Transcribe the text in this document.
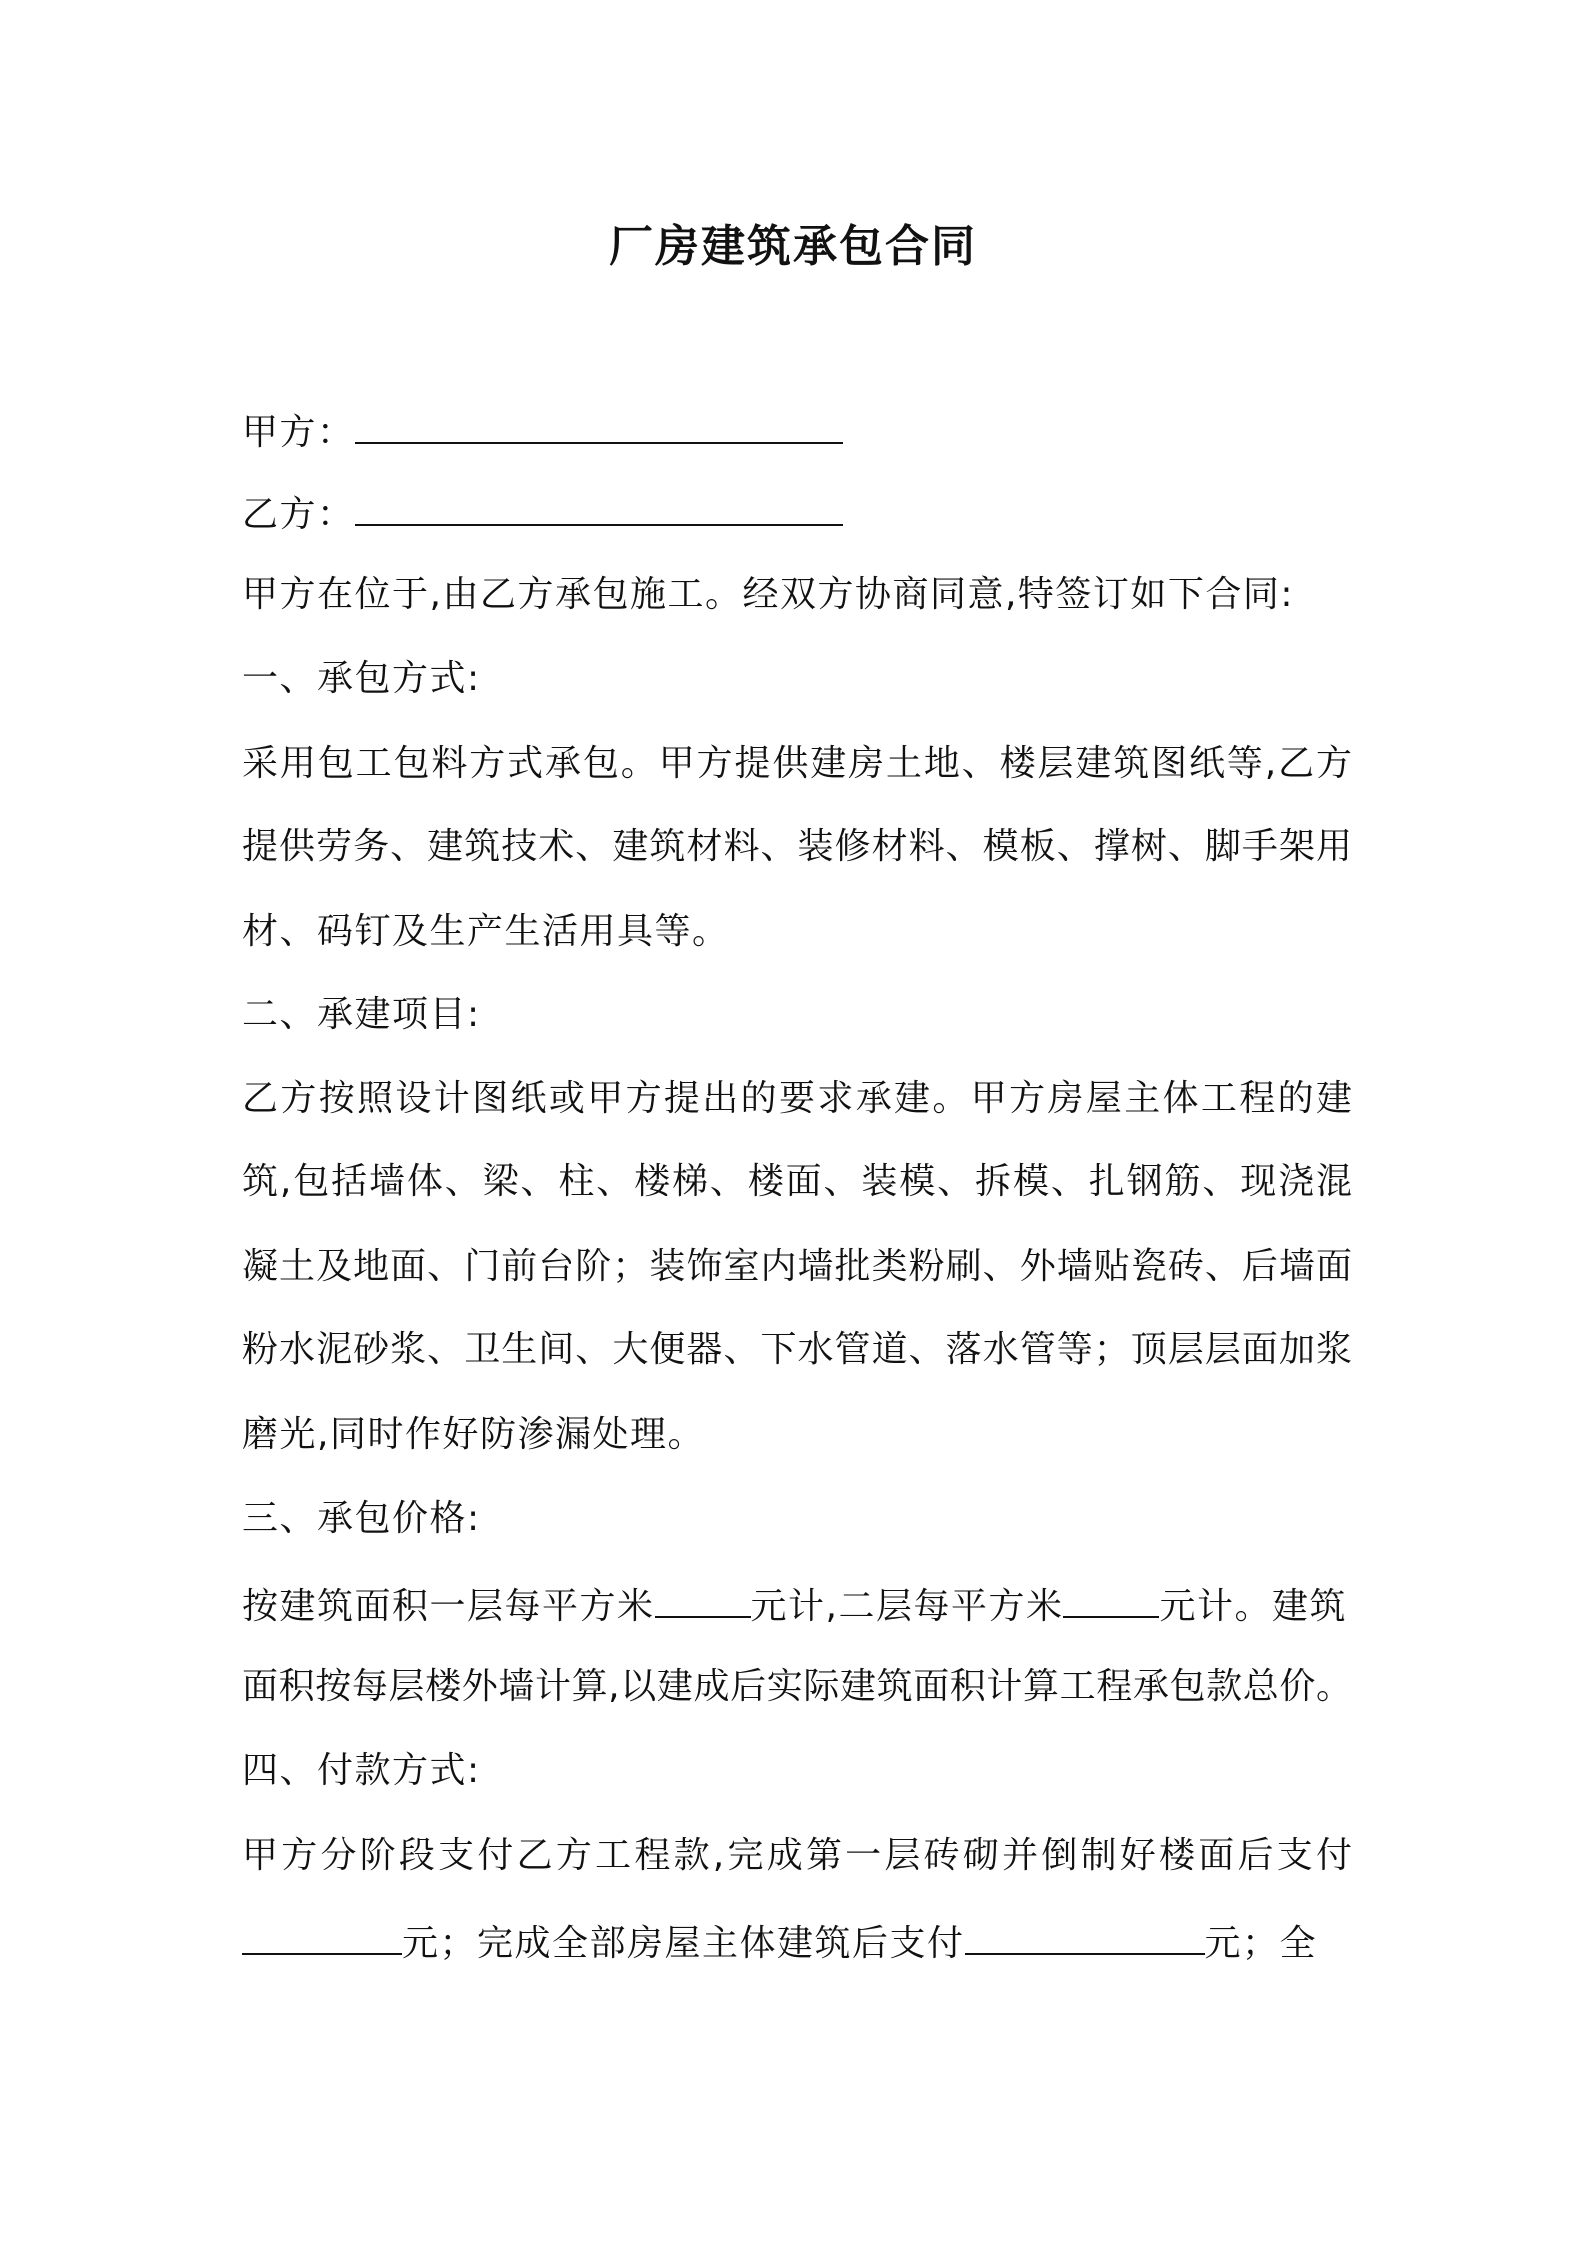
厂房建筑承包合同
甲方：
乙方：
甲方在位于,由乙方承包施工。经双方协商同意,特签订如下合同:
一、承包方式:
采用包工包料方式承包。甲方提供建房土地、楼层建筑图纸等,乙方
提供劳务、建筑技术、建筑材料、装修材料、模板、撑树、脚手架用
材、码钉及生产生活用具等。
二、承建项目:
乙方按照设计图纸或甲方提出的要求承建。甲方房屋主体工程的建
筑,包括墙体、梁、柱、楼梯、楼面、装模、拆模、扎钢筋、现浇混
凝土及地面、门前台阶；装饰室内墙批类粉刷、外墙贴瓷砖、后墙面
粉水泥砂浆、卫生间、大便器、下水管道、落水管等；顶层层面加浆
磨光,同时作好防渗漏处理。
三、承包价格:
按建筑面积一层每平方米	元计,二层每平方米	元计。建筑
面积按每层楼外墙计算,以建成后实际建筑面积计算工程承包款总价。
四、付款方式:
甲方分阶段支付乙方工程款,完成第一层砖砌并倒制好楼面后支付
元；完成全部房屋主体建筑后支付	元；全
